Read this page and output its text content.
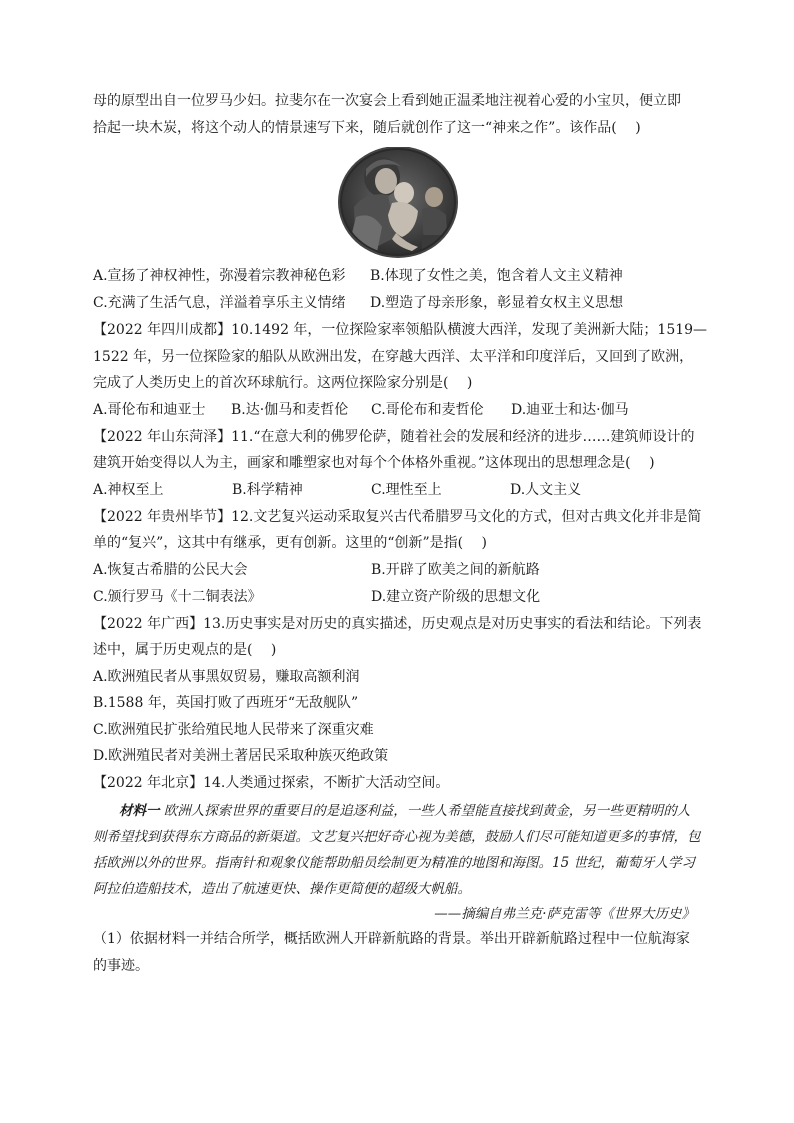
母的原型出自一位罗马少妇。拉斐尔在一次宴会上看到她正温柔地注视着心爱的小宝贝，便立即

拾起一块木炭，将这个动人的情景速写下来，随后就创作了这一“神来之作”。该作品(　 )

A.宣扬了神权神性，弥漫着宗教神秘色彩	B.体现了女性之美，饱含着人文主义精神
C.充满了生活气息，洋溢着享乐主义情绪	D.塑造了母亲形象，彰显着女权主义思想

【2022 年四川成都】10.1492 年，一位探险家率领船队横渡大西洋，发现了美洲新大陆；1519—

1522 年，另一位探险家的船队从欧洲出发，在穿越大西洋、太平洋和印度洋后，又回到了欧洲，

完成了人类历史上的首次环球航行。这两位探险家分别是(　 )

A.哥伦布和迪亚士	B.达·伽马和麦哲伦	C.哥伦布和麦哲伦	D.迪亚士和达·伽马

【2022 年山东菏泽】11.“在意大利的佛罗伦萨，随着社会的发展和经济的进步……建筑师设计的

建筑开始变得以人为主，画家和雕塑家也对每个个体格外重视。”这体现出的思想理念是(　 )

A.神权至上	B.科学精神	C.理性至上	D.人文主义

【2022 年贵州毕节】12.文艺复兴运动采取复兴古代希腊罗马文化的方式，但对古典文化并非是简

单的“复兴”，这其中有继承，更有创新。这里的“创新”是指(　 )

A.恢复古希腊的公民大会	B.开辟了欧美之间的新航路
C.颁行罗马《十二铜表法》	D.建立资产阶级的思想文化

【2022 年广西】13.历史事实是对历史的真实描述，历史观点是对历史事实的看法和结论。下列表

述中，属于历史观点的是(　 )

A.欧洲殖民者从事黑奴贸易，赚取高额利润

B.1588 年，英国打败了西班牙“无敌舰队”

C.欧洲殖民扩张给殖民地人民带来了深重灾难

D.欧洲殖民者对美洲土著居民采取种族灭绝政策

【2022 年北京】14.人类通过探索，不断扩大活动空间。

材料一 欧洲人探索世界的重要目的是追逐利益，一些人希望能直接找到黄金，另一些更精明的人则希望找到获得东方商品的新渠道。文艺复兴把好奇心视为美德，鼓励人们尽可能知道更多的事情，包括欧洲以外的世界。指南针和观象仪能帮助船员绘制更为精准的地图和海图。15 世纪，葡萄牙人学习阿拉伯造船技术，造出了航速更快、操作更简便的超级大帆船。

——摘编自弗兰克·萨克雷等《世界大历史》

（1）依据材料一并结合所学，概括欧洲人开辟新航路的背景。举出开辟新航路过程中一位航海家

的事迹。
